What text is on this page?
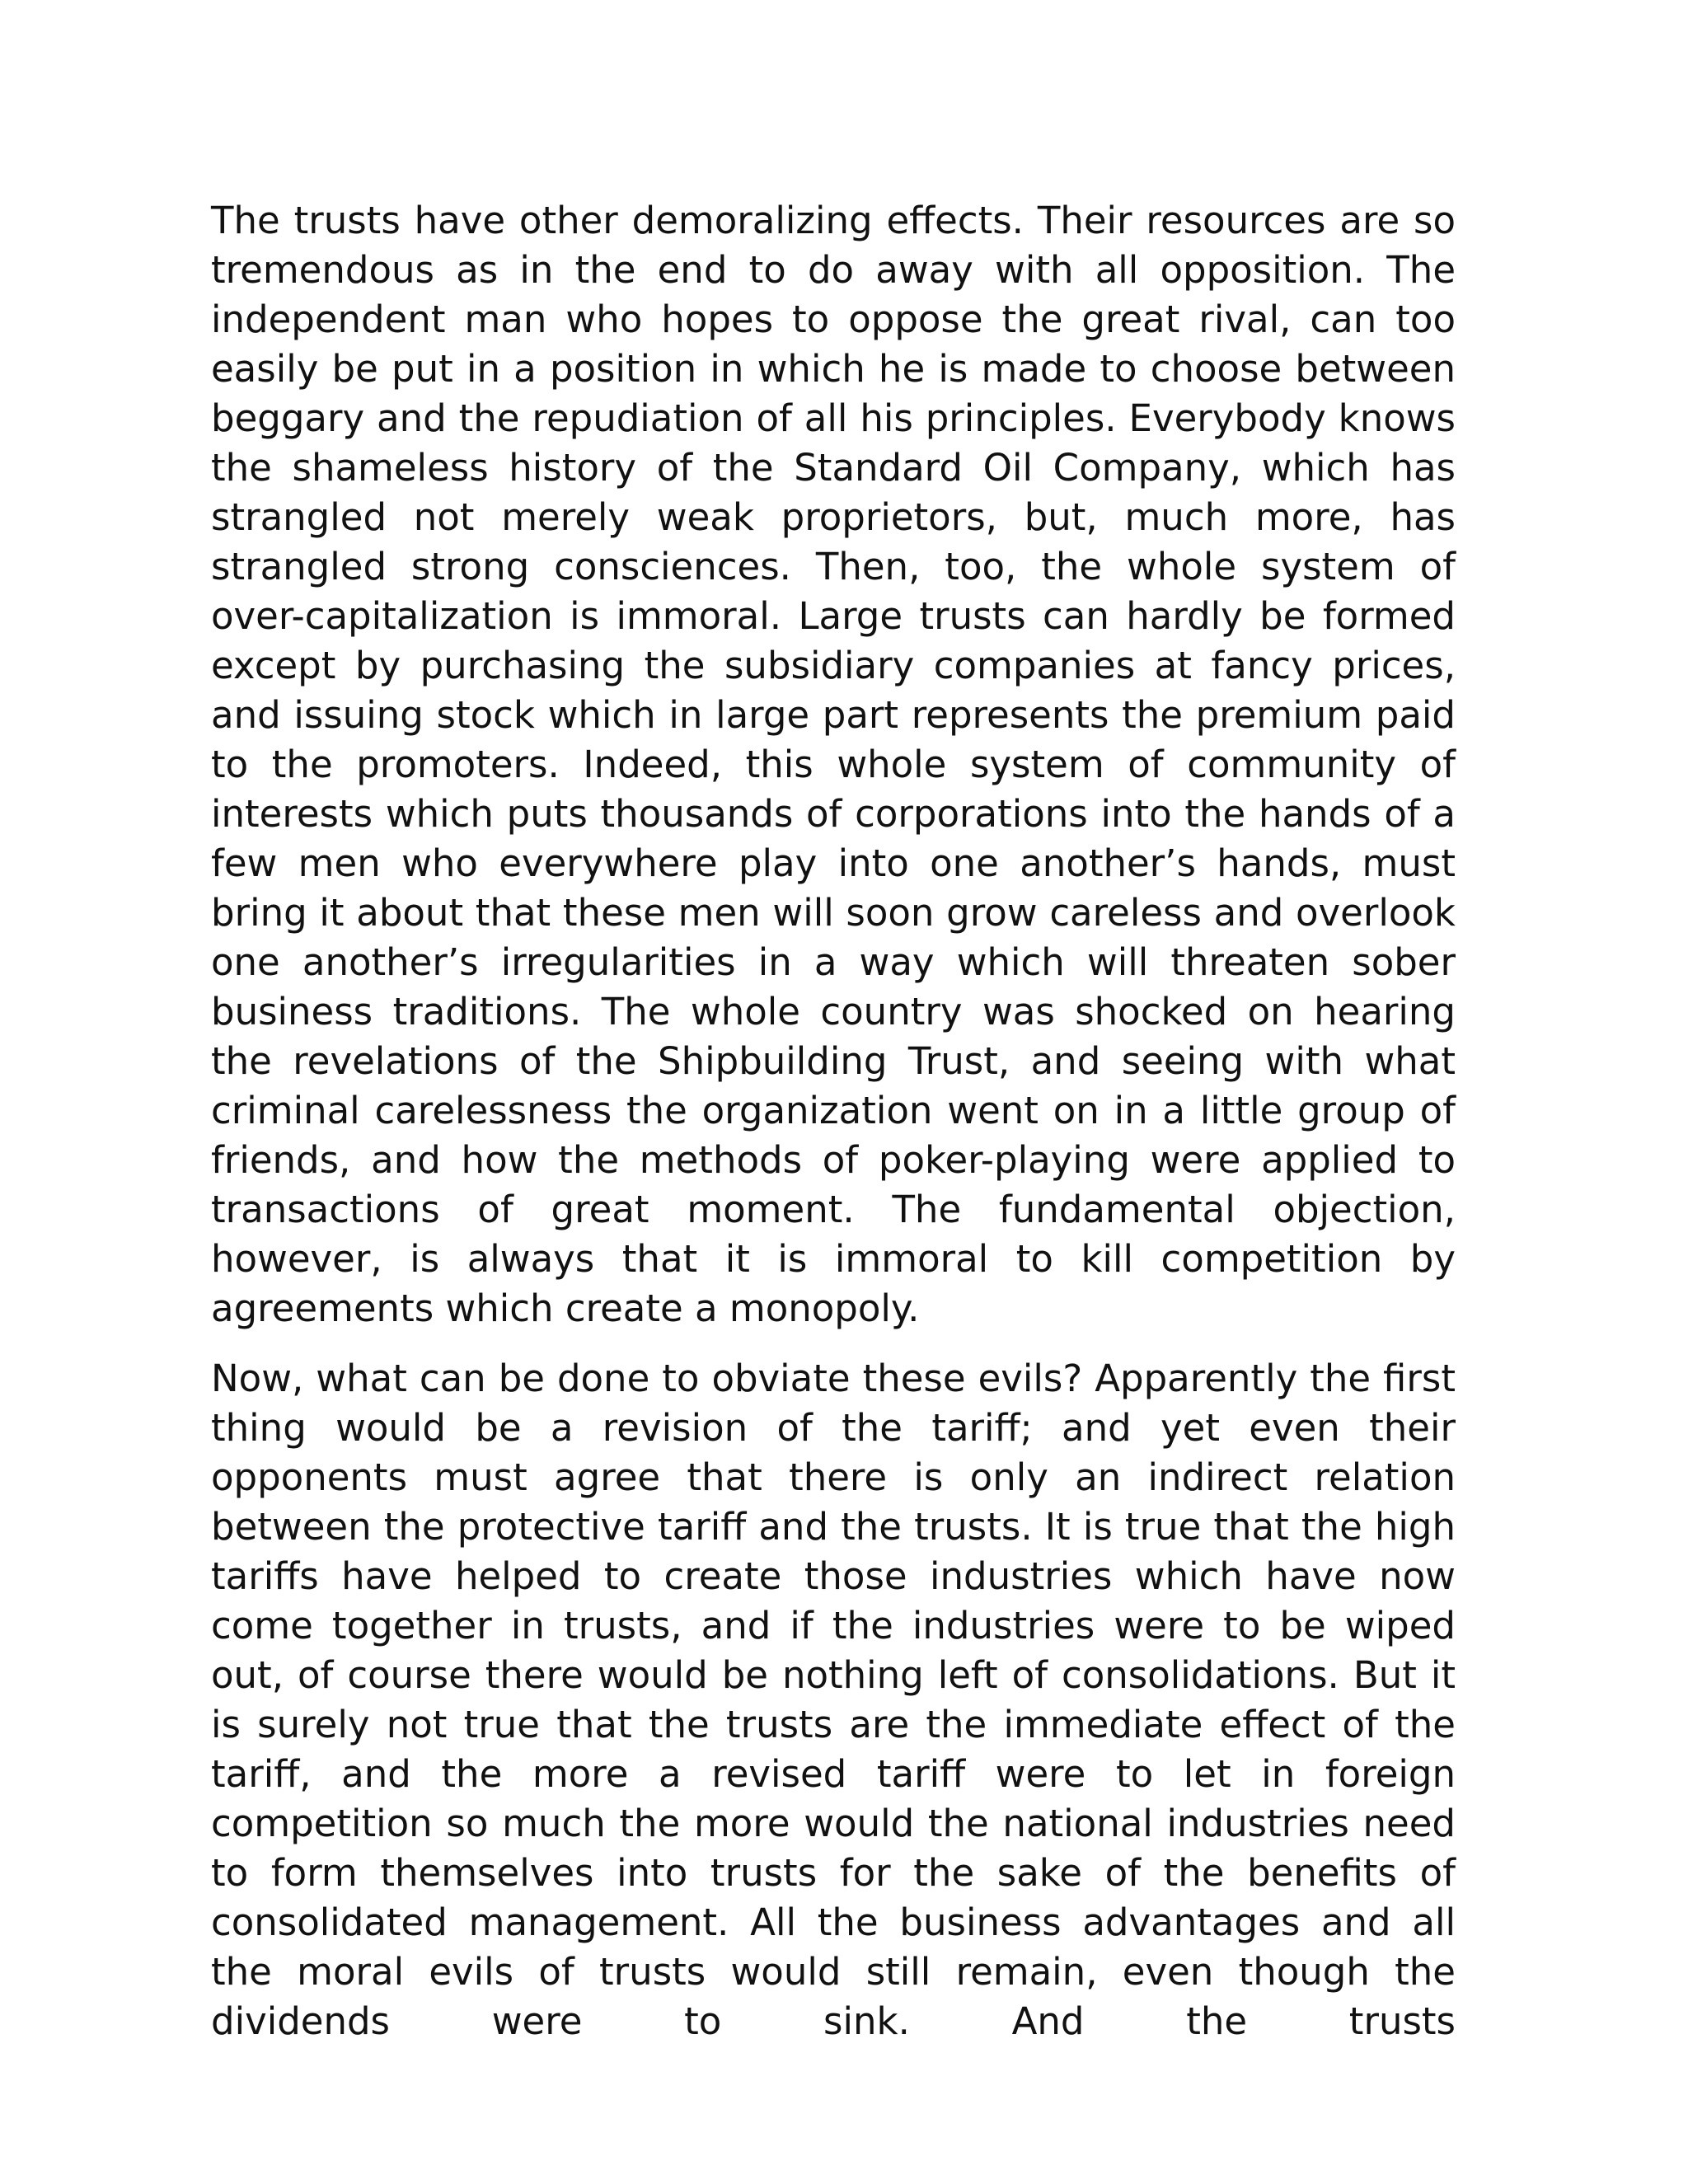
The trusts have other demoralizing effects. Their resources are so tremendous as in the end to do away with all opposition. The independent man who hopes to oppose the great rival, can too easily be put in a position in which he is made to choose between beggary and the repudiation of all his principles. Everybody knows the shameless history of the Standard Oil Company, which has strangled not merely weak proprietors, but, much more, has strangled strong consciences. Then, too, the whole system of over-capitalization is immoral. Large trusts can hardly be formed except by purchasing the subsidiary companies at fancy prices, and issuing stock which in large part represents the premium paid to the promoters. Indeed, this whole system of community of interests which puts thousands of corporations into the hands of a few men who everywhere play into one another’s hands, must bring it about that these men will soon grow careless and overlook one another’s irregularities in a way which will threaten sober business traditions. The whole country was shocked on hearing the revelations of the Shipbuilding Trust, and seeing with what criminal carelessness the organization went on in a little group of friends, and how the methods of poker-playing were applied to transactions of great moment. The fundamental objection, however, is always that it is immoral to kill competition by agreements which create a monopoly.

Now, what can be done to obviate these evils? Apparently the first thing would be a revision of the tariff; and yet even their opponents must agree that there is only an indirect relation between the protective tariff and the trusts. It is true that the high tariffs have helped to create those industries which have now come together in trusts, and if the industries were to be wiped out, of course there would be nothing left of consolidations. But it is surely not true that the trusts are the immediate effect of the tariff, and the more a revised tariff were to let in foreign competition so much the more would the national industries need to form themselves into trusts for the sake of the benefits of consolidated management. All the business advantages and all the moral evils of trusts would still remain, even though the dividends were to sink. And the trusts
